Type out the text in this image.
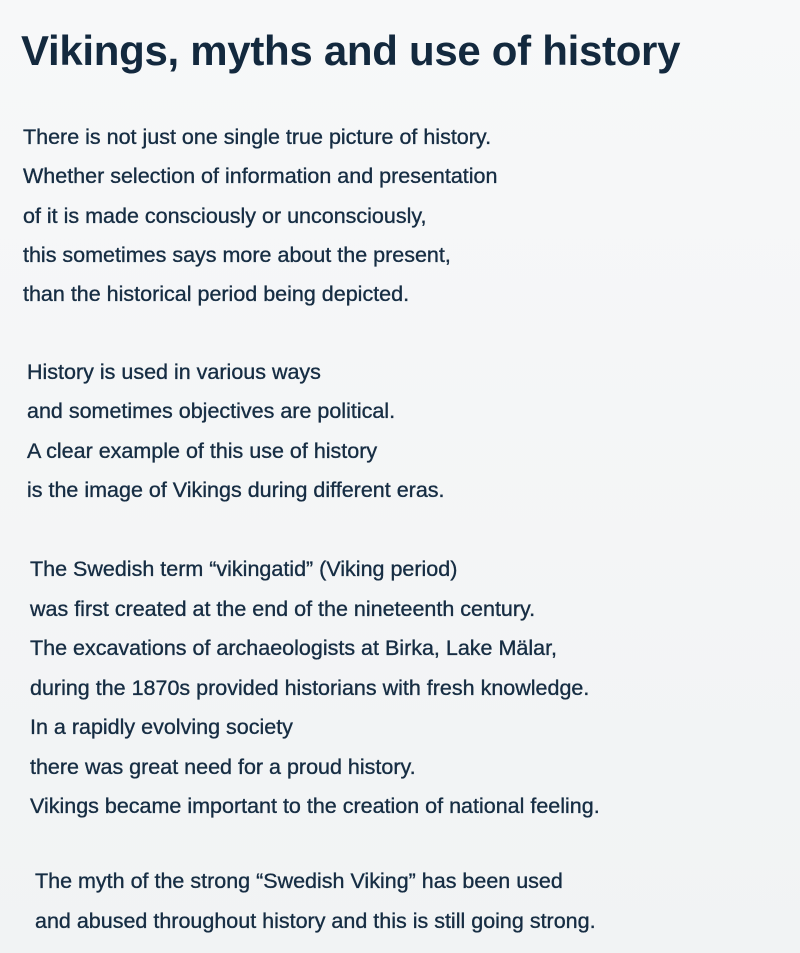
Vikings, myths and use of history
There is not just one single true picture of history.
Whether selection of information and presentation
of it is made consciously or unconsciously,
this sometimes says more about the present,
than the historical period being depicted.
History is used in various ways
and sometimes objectives are political.
A clear example of this use of history
is the image of Vikings during different eras.
The Swedish term “vikingatid” (Viking period)
was first created at the end of the nineteenth century.
The excavations of archaeologists at Birka, Lake Mälar,
during the 1870s provided historians with fresh knowledge.
In a rapidly evolving society
there was great need for a proud history.
Vikings became important to the creation of national feeling.
The myth of the strong “Swedish Viking” has been used
and abused throughout history and this is still going strong.
